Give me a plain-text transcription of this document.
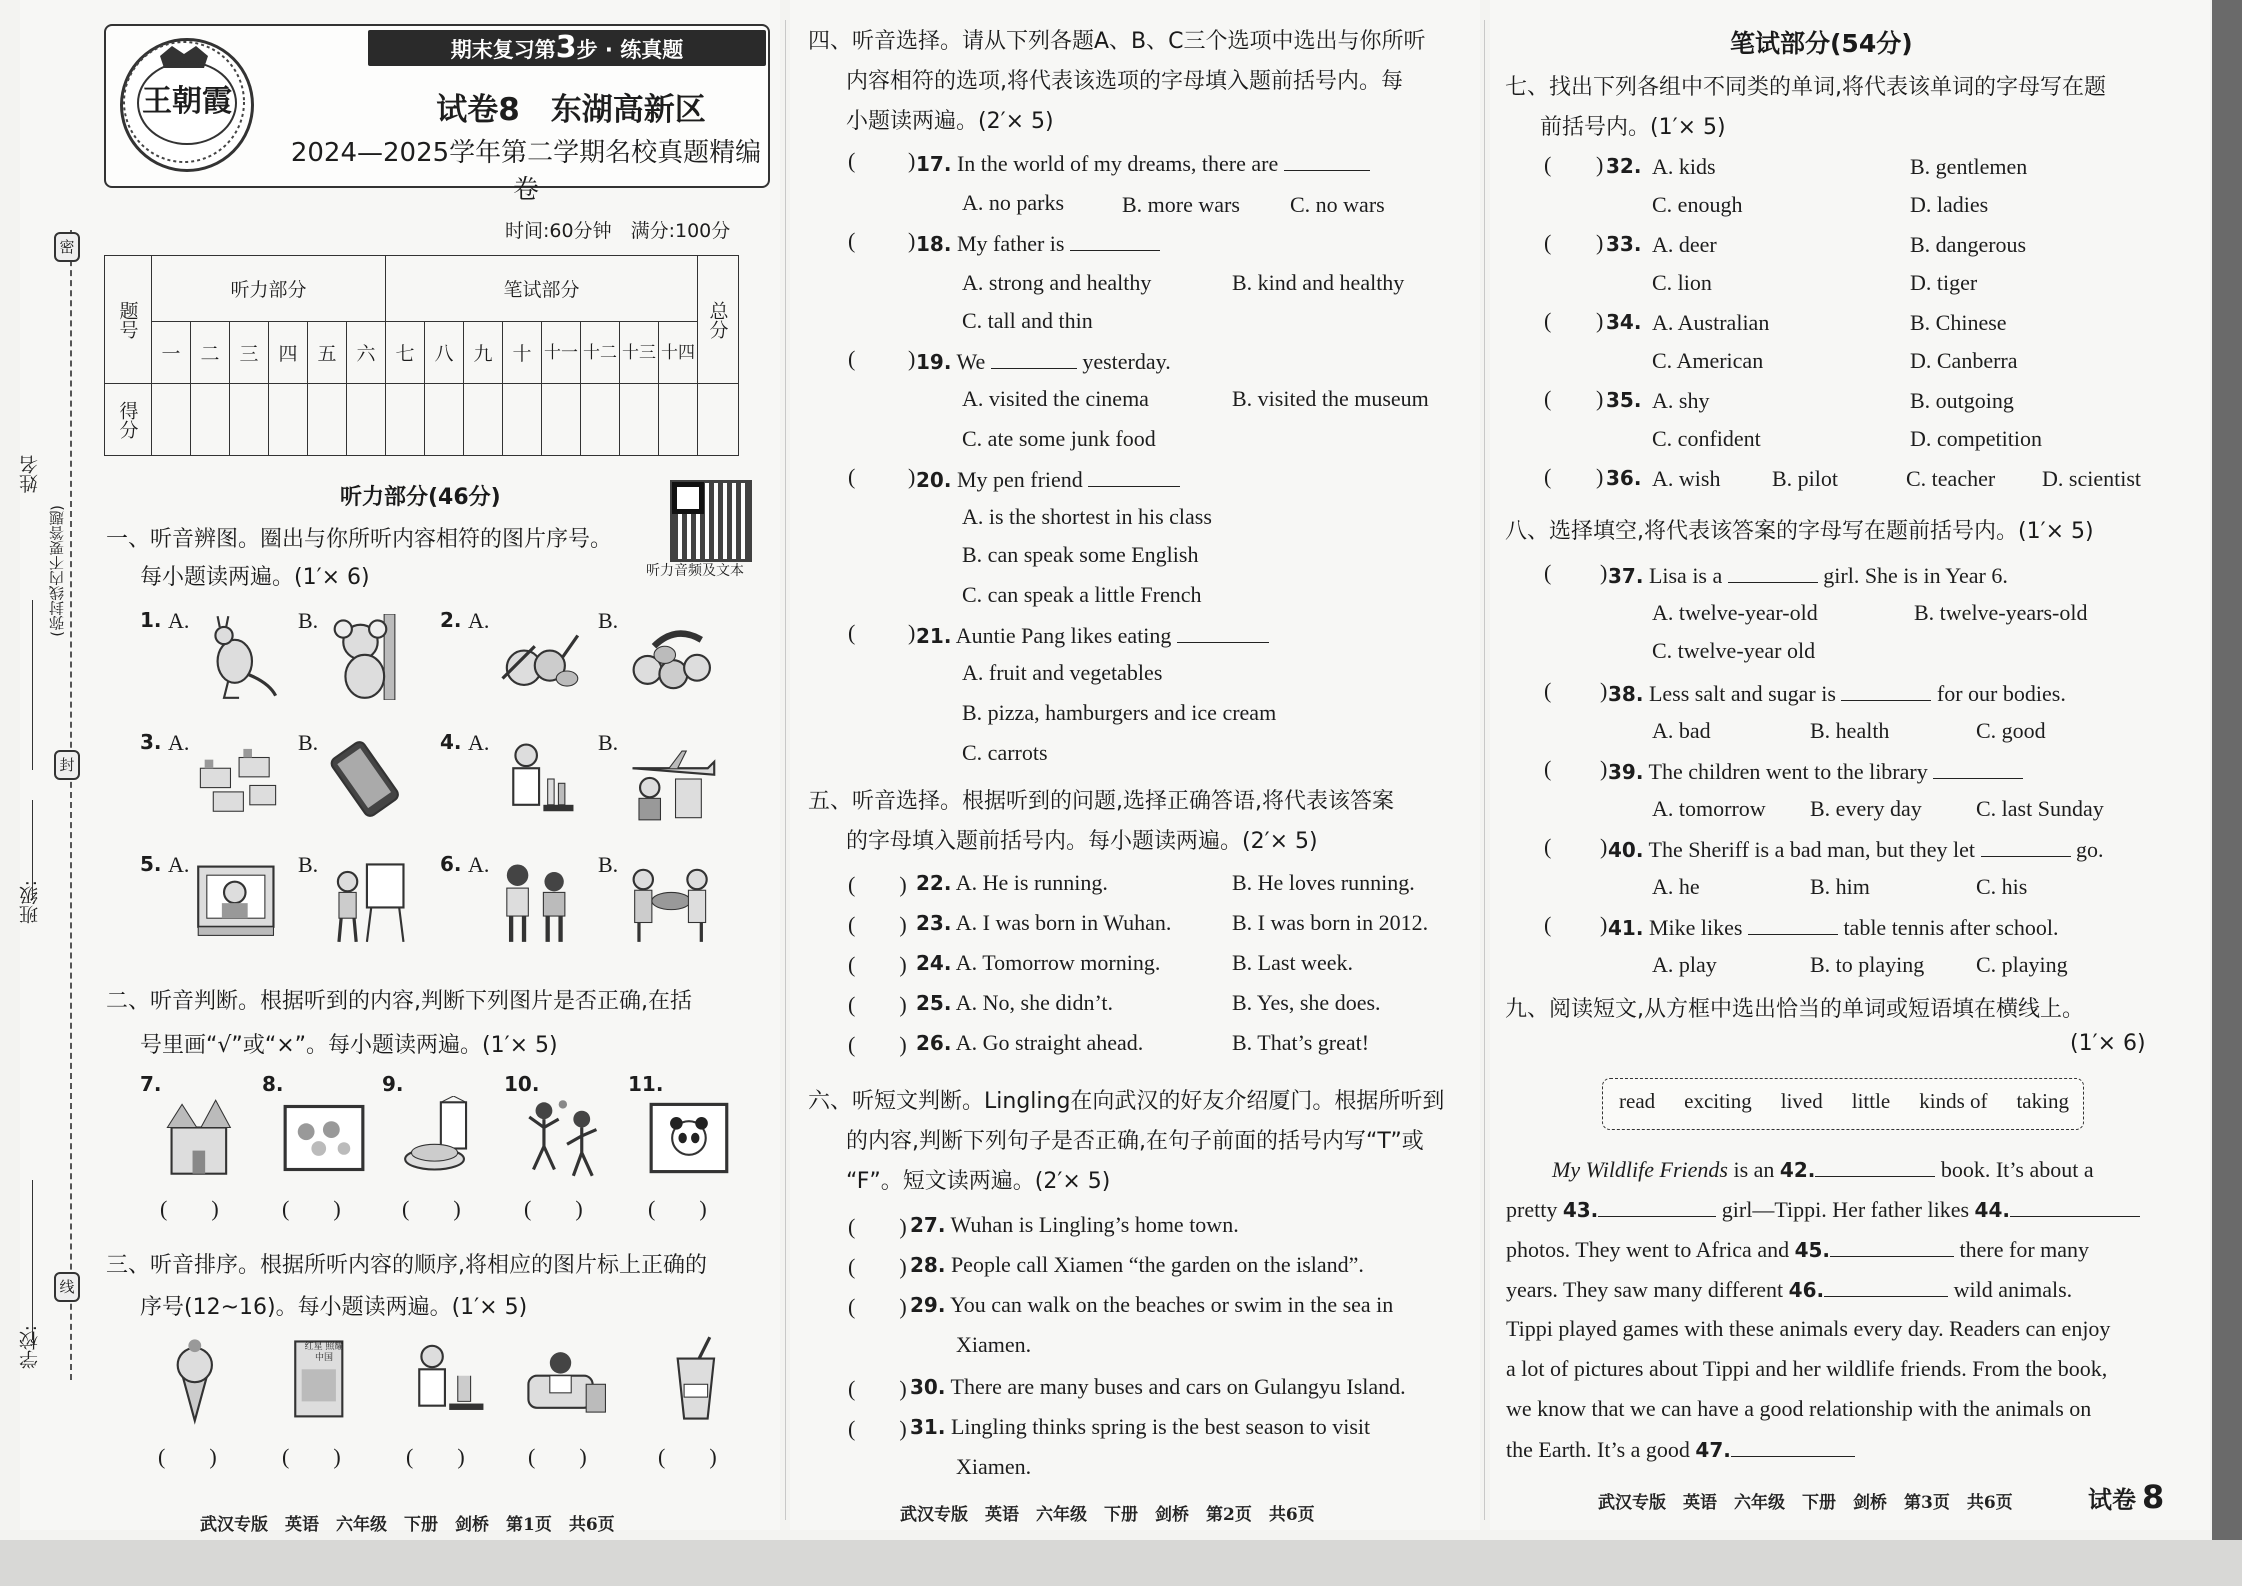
密
封
线
姓名
(弥封线内不要答题)
班级:
学校:
王朝霞
期末复习第3步 · 练真题
试卷8　东湖高新区
2024—2025学年第二学期名校真题精编卷
时间:60分钟　满分:100分
题号	听力部分						笔试部分								总分
	一	二	三	四	五	六	七	八	九	十	十一	十二	十三	十四	
得分															
听力部分(46分)
听力音频及文本
一、听音辨图。圈出与你所听内容相符的图片序号。
每小题读两遍。(1′× 6)
1. A.	B.	2. A.	B.
3. A.	B.	4. A.	B.
5. A.	B.	6. A.	B.
二、听音判断。根据听到的内容,判断下列图片是否正确,在括
号里画“√”或“×”。每小题读两遍。(1′× 5)
7.
(　　)
8.
(　　)
9.
(　　)
10.
(　　)
11.
(　　)
三、听音排序。根据所听内容的顺序,将相应的图片标上正确的
序号(12~16)。每小题读两遍。(1′× 5)
(　　)
红星 照耀中国
(　　)	(　　)	(　　)	(　　)
武汉专版　英语　六年级　下册　剑桥　第1页　共6页
四、听音选择。请从下列各题A、B、C三个选项中选出与你所听
内容相符的选项,将代表该选项的字母填入题前括号内。每
小题读两遍。(2′× 5)
( ) 17. In the world of my dreams, there are
A. no parks	B. more wars C. no wars
( ) 18. My father is
A. strong and healthy	B. kind and healthy
C. tall and thin
( ) 19. We	yesterday.
A. visited the cinema	B. visited the museum
C. ate some junk food
( ) 20. My pen friend
A. is the shortest in his class
B. can speak some English
C. can speak a little French
( ) 21. Auntie Pang likes eating
A. fruit and vegetables
B. pizza, hamburgers and ice cream
C. carrots
五、听音选择。根据听到的问题,选择正确答语,将代表该答案
的字母填入题前括号内。每小题读两遍。(2′× 5)
(　　) 22. A. He is running.	B. He loves running.
(　　) 23. A. I was born in Wuhan.	B. I was born in 2012.
(　　) 24. A. Tomorrow morning.	B. Last week.
(　　) 25. A. No, she didn’t.	B. Yes, she does.
(　　) 26. A. Go straight ahead.	B. That’s great!
六、听短文判断。Lingling在向武汉的好友介绍厦门。根据所听到
的内容,判断下列句子是否正确,在句子前面的括号内写“T”或
“F”。短文读两遍。(2′× 5)
(　　) 27. Wuhan is Lingling’s home town.
(　　) 28. People call Xiamen “the garden on the island”.
(　　) 29. You can walk on the beaches or swim in the sea in
Xiamen.
(　　) 30. There are many buses and cars on Gulangyu Island.
(　　) 31. Lingling thinks spring is the best season to visit
Xiamen.
武汉专版　英语　六年级　下册　剑桥　第2页　共6页
笔试部分(54分)
七、找出下列各组中不同类的单词,将代表该单词的字母写在题
前括号内。(1′× 5)
( ) 32. A. kids	B. gentlemen
C. enough	D. ladies
( ) 33. A. deer	B. dangerous
C. lion	D. tiger
( ) 34. A. Australian	B. Chinese
C. American	D. Canberra
( ) 35. A. shy	B. outgoing
C. confident	D. competition
( ) 36. A. wish B. pilot	C. teacher D. scientist
八、选择填空,将代表该答案的字母写在题前括号内。(1′× 5)
( ) 37. Lisa is a	girl. She is in Year 6.
A. twelve-year-old	B. twelve-years-old
C. twelve-year old
( ) 38. Less salt and sugar is	for our bodies.
A. bad	B. health	C. good
( ) 39. The children went to the library
A. tomorrow B. every day C. last Sunday
( ) 40. The Sheriff is a bad man, but they let	go.
A. he	B. him	C. his
( ) 41. Mike likes	table tennis after school.
A. play	B. to playing C. playing
九、阅读短文,从方框中选出恰当的单词或短语填在横线上。
(1′× 6)
read exciting lived little kinds of taking
My Wildlife Friends is an 42.	book. It’s about a
pretty 43.	girl—Tippi. Her father likes 44.
photos. They went to Africa and 45.	there for many
years. They saw many different 46.	wild animals.
Tippi played games with these animals every day. Readers can enjoy
a lot of pictures about Tippi and her wildlife friends. From the book,
we know that we can have a good relationship with the animals on
the Earth. It’s a good 47.
武汉专版　英语　六年级　下册　剑桥　第3页　共6页	试卷 8
